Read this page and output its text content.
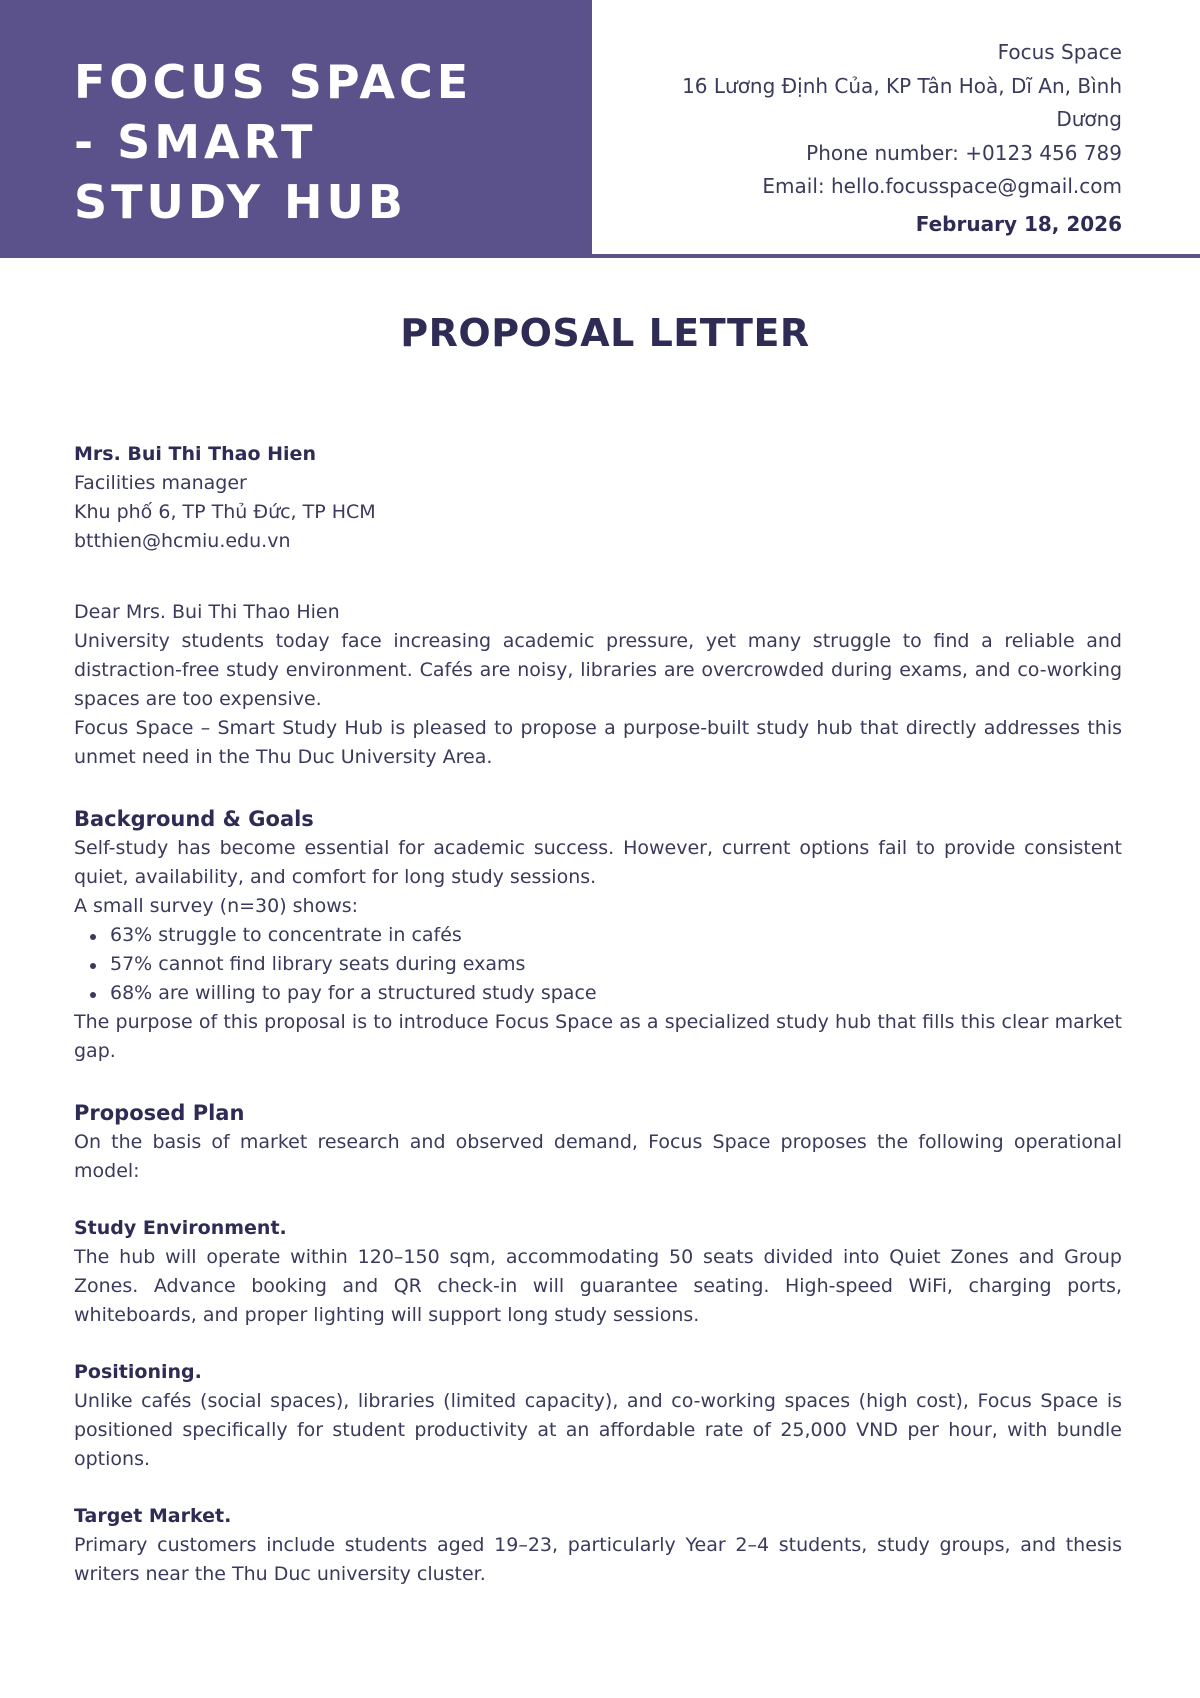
FOCUS SPACE
- SMART
STUDY HUB
Focus Space
16 Lương Định Của, KP Tân Hoà, Dĩ An, Bình
Dương
Phone number: +0123 456 789
Email: hello.focusspace@gmail.com
February 18, 2026
PROPOSAL LETTER
Mrs. Bui Thi Thao Hien
Facilities manager
Khu phố 6, TP Thủ Đức, TP HCM
btthien@hcmiu.edu.vn
Dear Mrs. Bui Thi Thao Hien
University students today face increasing academic pressure, yet many struggle to find a reliable and distraction-free study environment. Cafés are noisy, libraries are overcrowded during exams, and co-working spaces are too expensive.
Focus Space – Smart Study Hub is pleased to propose a purpose-built study hub that directly addresses this unmet need in the Thu Duc University Area.
Background & Goals
Self-study has become essential for academic success. However, current options fail to provide consistent quiet, availability, and comfort for long study sessions.
A small survey (n=30) shows:
63% struggle to concentrate in cafés
57% cannot find library seats during exams
68% are willing to pay for a structured study space
The purpose of this proposal is to introduce Focus Space as a specialized study hub that fills this clear market gap.
Proposed Plan
On the basis of market research and observed demand, Focus Space proposes the following operational model:
Study Environment.
The hub will operate within 120–150 sqm, accommodating 50 seats divided into Quiet Zones and Group Zones. Advance booking and QR check-in will guarantee seating. High-speed WiFi, charging ports, whiteboards, and proper lighting will support long study sessions.
Positioning.
Unlike cafés (social spaces), libraries (limited capacity), and co-working spaces (high cost), Focus Space is positioned specifically for student productivity at an affordable rate of 25,000 VND per hour, with bundle options.
Target Market.
Primary customers include students aged 19–23, particularly Year 2–4 students, study groups, and thesis writers near the Thu Duc university cluster.
